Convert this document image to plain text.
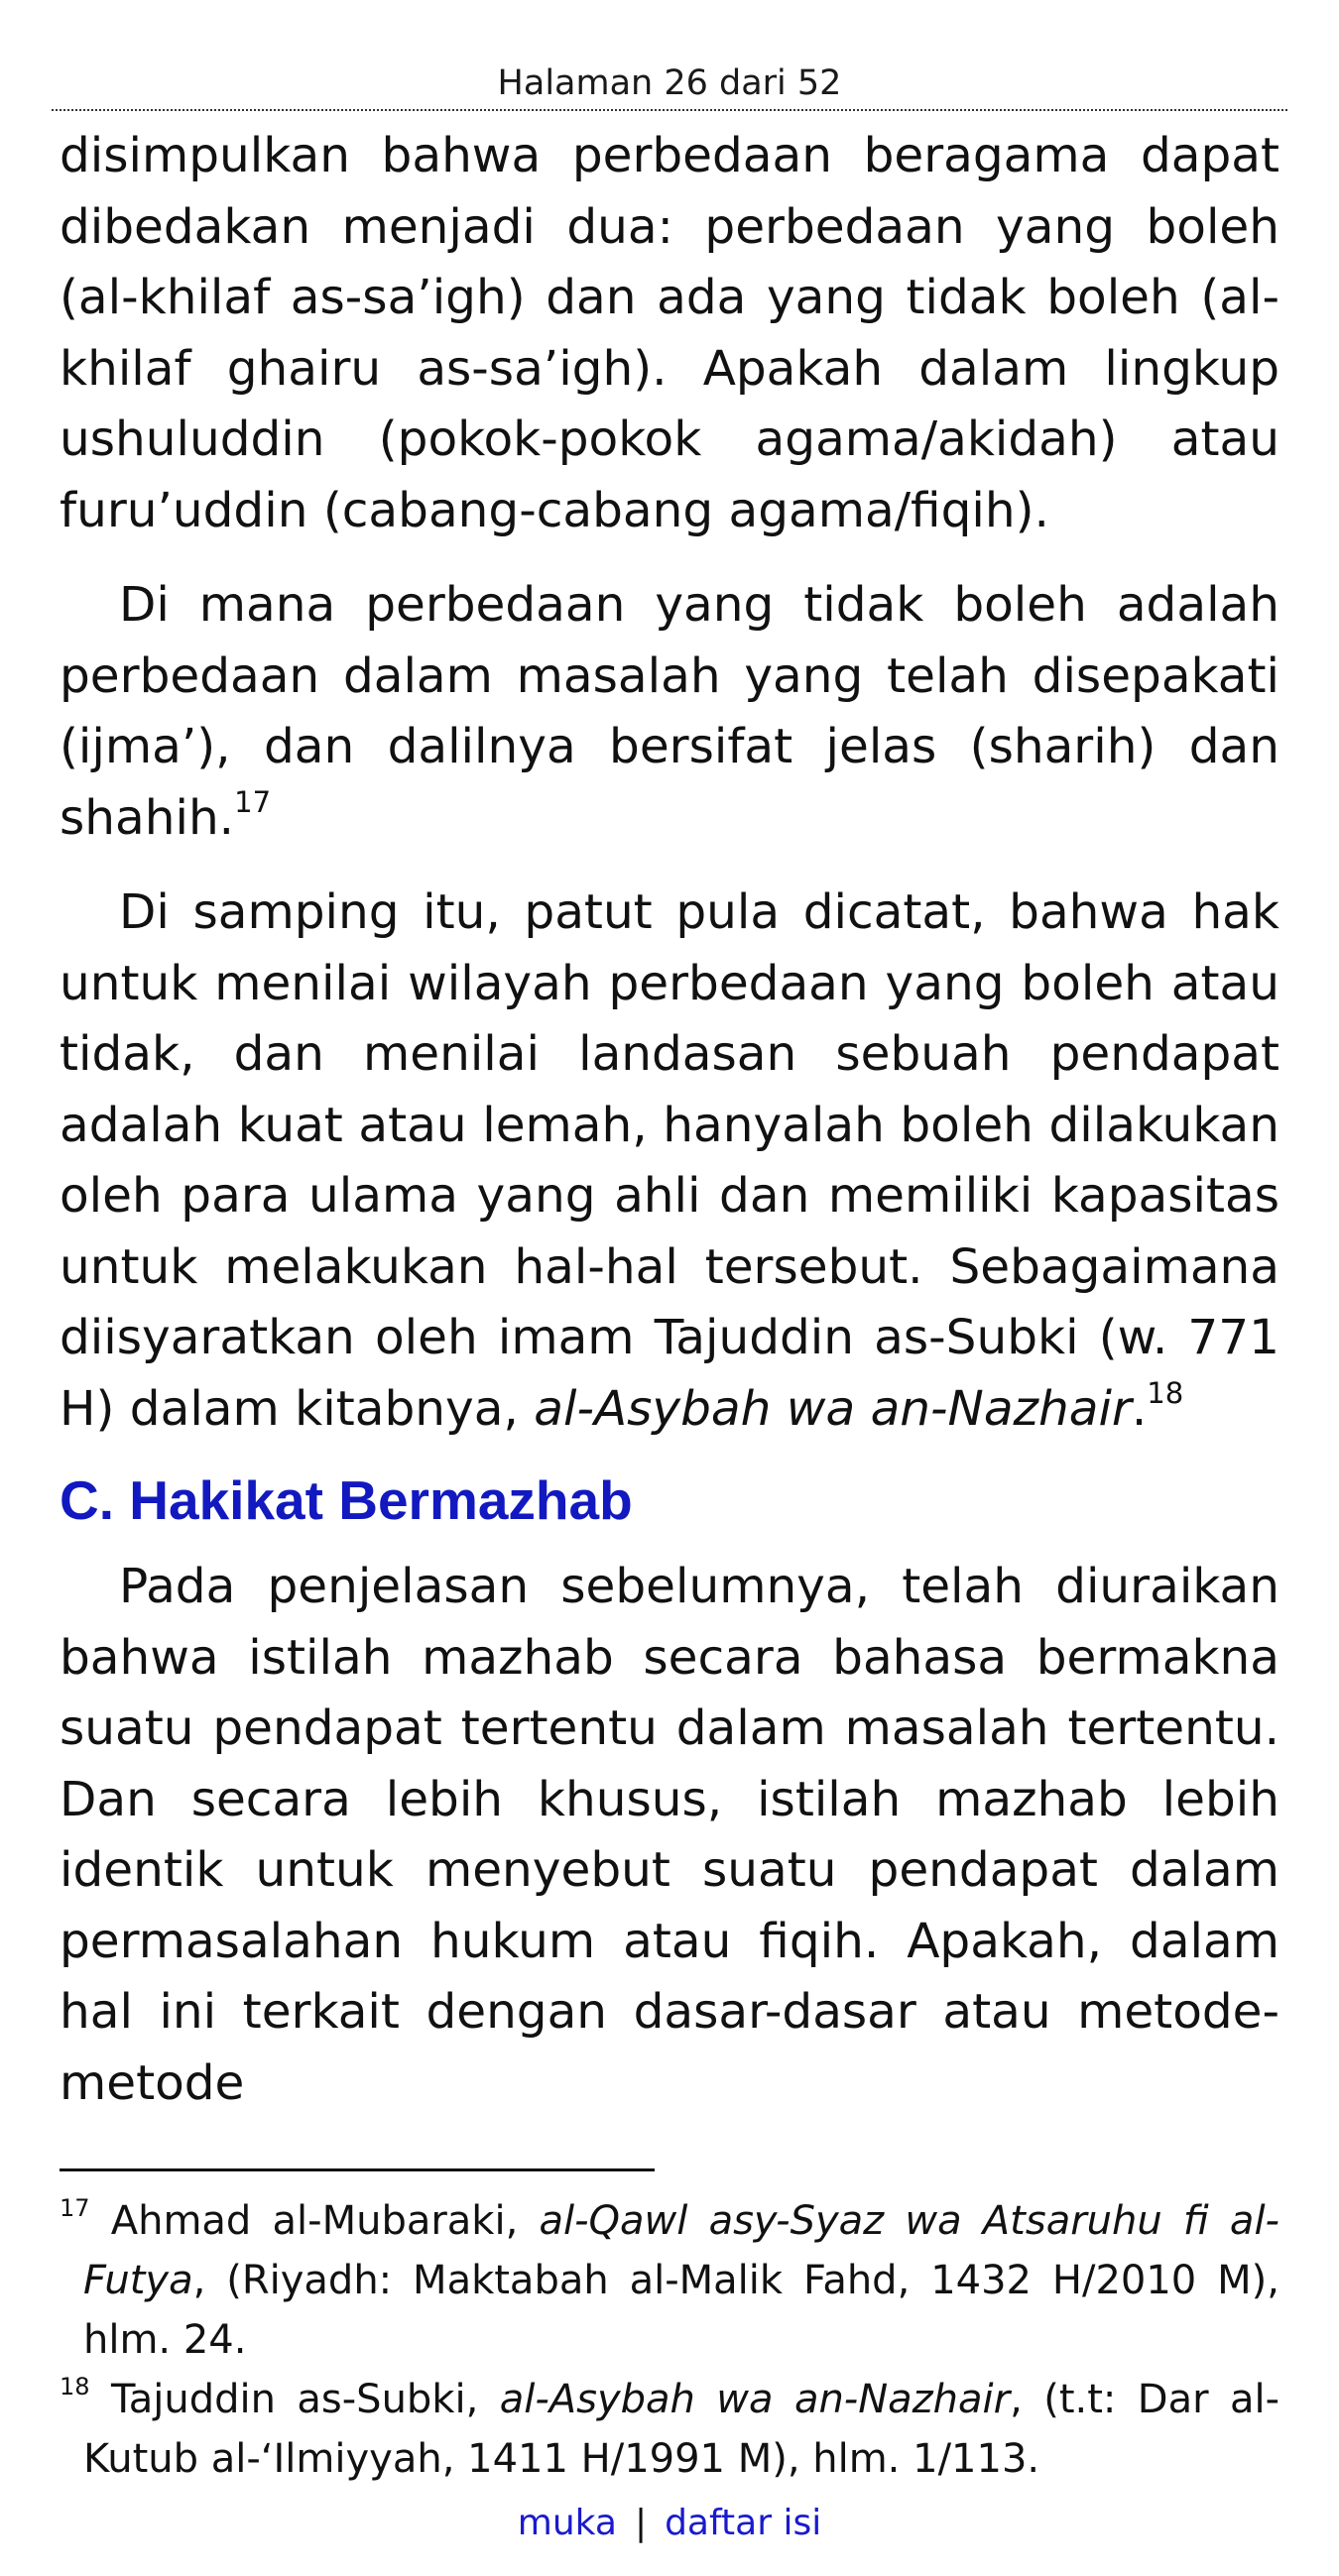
Halaman 26 dari 52

disimpulkan bahwa perbedaan beragama dapat dibedakan menjadi dua: perbedaan yang boleh (al-khilaf as-sa’igh) dan ada yang tidak boleh (al-khilaf ghairu as-sa’igh). Apakah dalam lingkup ushuluddin (pokok-pokok agama/akidah) atau furu’uddin (cabang-cabang agama/fiqih).

Di mana perbedaan yang tidak boleh adalah perbedaan dalam masalah yang telah disepakati (ijma’), dan dalilnya bersifat jelas (sharih) dan shahih.$^{17}$

Di samping itu, patut pula dicatat, bahwa hak untuk menilai wilayah perbedaan yang boleh atau tidak, dan menilai landasan sebuah pendapat adalah kuat atau lemah, hanyalah boleh dilakukan oleh para ulama yang ahli dan memiliki kapasitas untuk melakukan hal-hal tersebut. Sebagaimana diisyaratkan oleh imam Tajuddin as-Subki (w. 771 H) dalam kitabnya, al-Asybah wa an-Nazhair.$^{18}$

C. Hakikat Bermazhab

Pada penjelasan sebelumnya, telah diuraikan bahwa istilah mazhab secara bahasa bermakna suatu pendapat tertentu dalam masalah tertentu. Dan secara lebih khusus, istilah mazhab lebih identik untuk menyebut suatu pendapat dalam permasalahan hukum atau fiqih. Apakah, dalam hal ini terkait dengan dasar-dasar atau metode-metode

$^{17}$ Ahmad al-Mubaraki, al-Qawl asy-Syaz wa Atsaruhu fi al-Futya, (Riyadh: Maktabah al-Malik Fahd, 1432 H/2010 M), hlm. 24.

$^{18}$ Tajuddin as-Subki, al-Asybah wa an-Nazhair, (t.t: Dar al-Kutub al-‘Ilmiyyah, 1411 H/1991 M), hlm. 1/113.

muka | daftar isi
